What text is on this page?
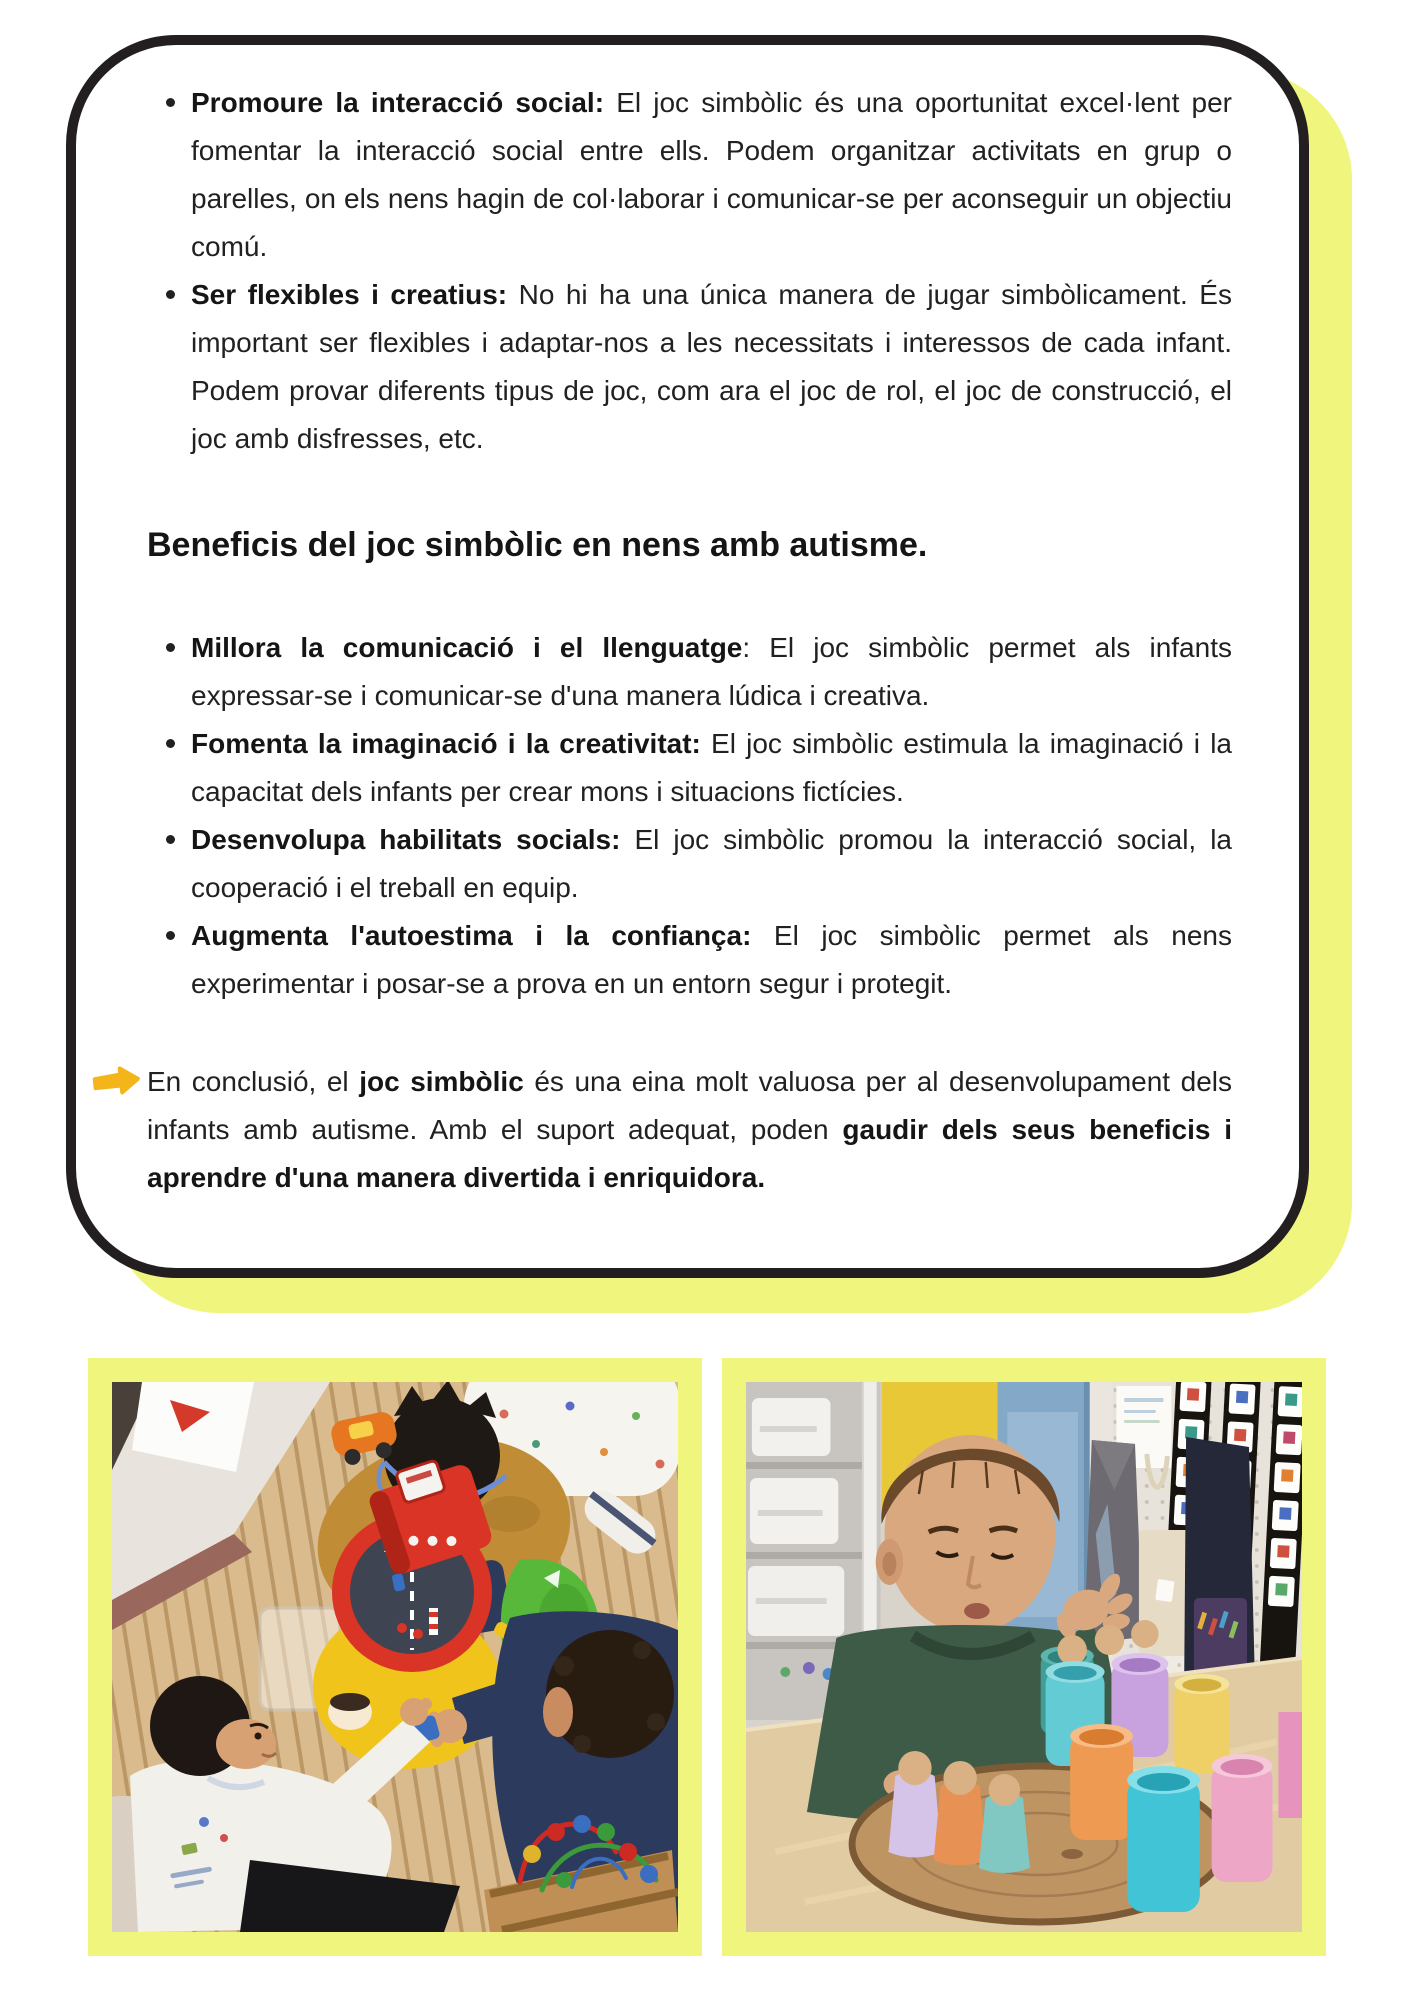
Promoure la interacció social: El joc simbòlic és una oportunitat excel·lent per fomentar la interacció social entre ells. Podem organitzar activitats en grup o parelles, on els nens hagin de col·laborar i comunicar-se per aconseguir un objectiu comú.
Ser flexibles i creatius: No hi ha una única manera de jugar simbòlicament. És important ser flexibles i adaptar-nos a les necessitats i interessos de cada infant. Podem provar diferents tipus de joc, com ara el joc de rol, el joc de construcció, el joc amb disfresses, etc.
Beneficis del joc simbòlic en nens amb autisme.
Millora la comunicació i el llenguatge: El joc simbòlic permet als infants expressar-se i comunicar-se d'una manera lúdica i creativa.
Fomenta la imaginació i la creativitat: El joc simbòlic estimula la imaginació i la capacitat dels infants per crear mons i situacions fictícies.
Desenvolupa habilitats socials: El joc simbòlic promou la interacció social, la cooperació i el treball en equip.
Augmenta l'autoestima i la confiança: El joc simbòlic permet als nens experimentar i posar-se a prova en un entorn segur i protegit.

En conclusió, el joc simbòlic és una eina molt valuosa per al desenvolupament dels infants amb autisme. Amb el suport adequat, poden gaudir dels seus beneficis i aprendre d'una manera divertida i enriquidora.
